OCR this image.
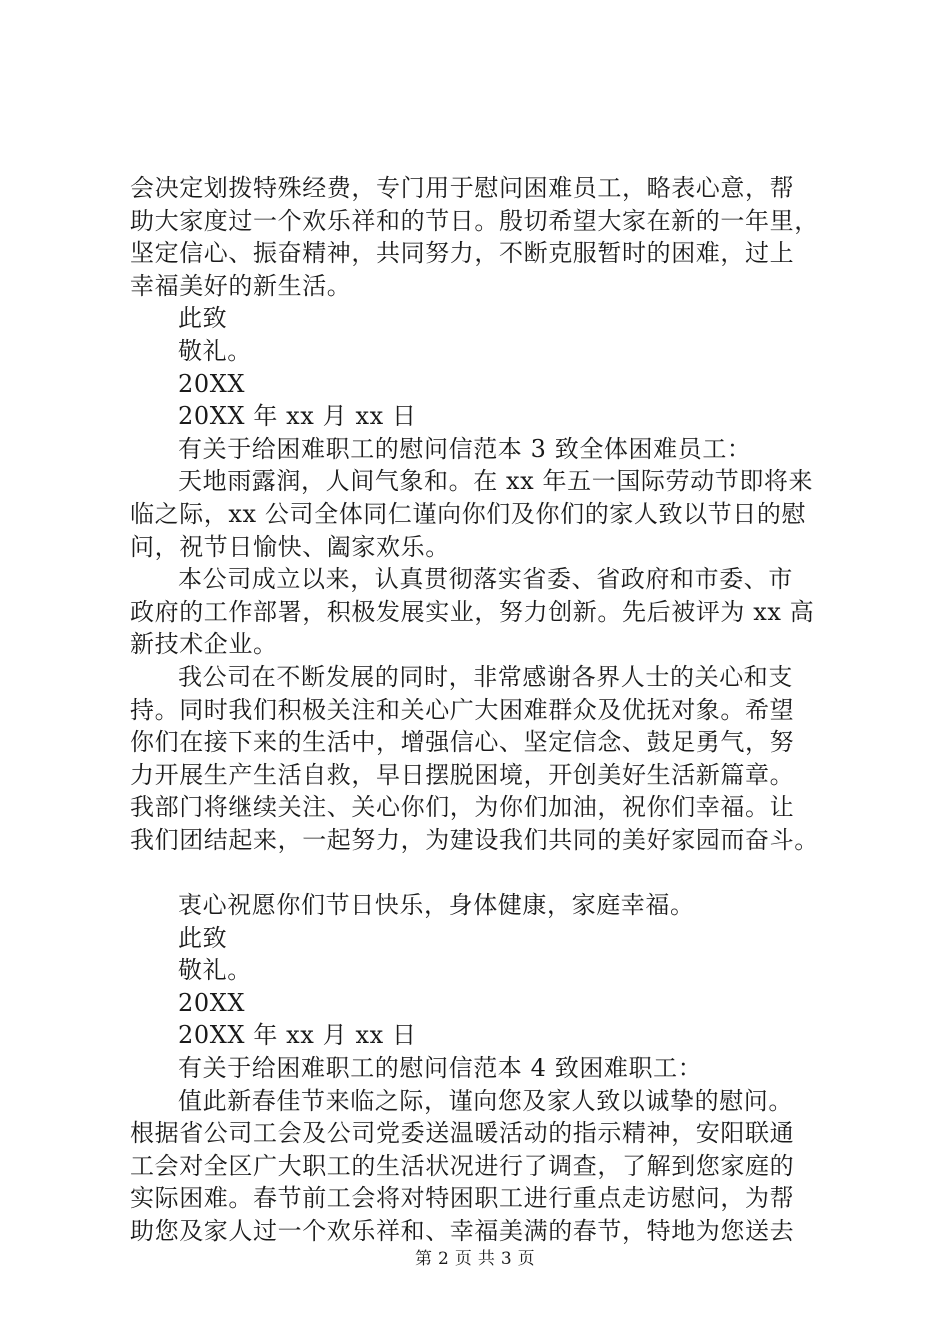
会决定划拨特殊经费，专门用于慰问困难员工，略表心意，帮
助大家度过一个欢乐祥和的节日。殷切希望大家在新的一年里，
坚定信心、振奋精神，共同努力，不断克服暂时的困难，过上
幸福美好的新生活。
此致
敬礼。
20XX
20XX 年 xx 月 xx 日
有关于给困难职工的慰问信范本 3 致全体困难员工：
天地雨露润，人间气象和。在 xx 年五一国际劳动节即将来
临之际，xx 公司全体同仁谨向你们及你们的家人致以节日的慰
问，祝节日愉快、阖家欢乐。
本公司成立以来，认真贯彻落实省委、省政府和市委、市
政府的工作部署，积极发展实业，努力创新。先后被评为 xx 高
新技术企业。
我公司在不断发展的同时，非常感谢各界人士的关心和支
持。同时我们积极关注和关心广大困难群众及优抚对象。希望
你们在接下来的生活中，增强信心、坚定信念、鼓足勇气，努
力开展生产生活自救，早日摆脱困境，开创美好生活新篇章。
我部门将继续关注、关心你们，为你们加油，祝你们幸福。让
我们团结起来，一起努力，为建设我们共同的美好家园而奋斗。
衷心祝愿你们节日快乐，身体健康，家庭幸福。
此致
敬礼。
20XX
20XX 年 xx 月 xx 日
有关于给困难职工的慰问信范本 4 致困难职工：
值此新春佳节来临之际，谨向您及家人致以诚挚的慰问。
根据省公司工会及公司党委送温暖活动的指示精神，安阳联通
工会对全区广大职工的生活状况进行了调查，了解到您家庭的
实际困难。春节前工会将对特困职工进行重点走访慰问，为帮
助您及家人过一个欢乐祥和、幸福美满的春节，特地为您送去
第 2 页 共 3 页
